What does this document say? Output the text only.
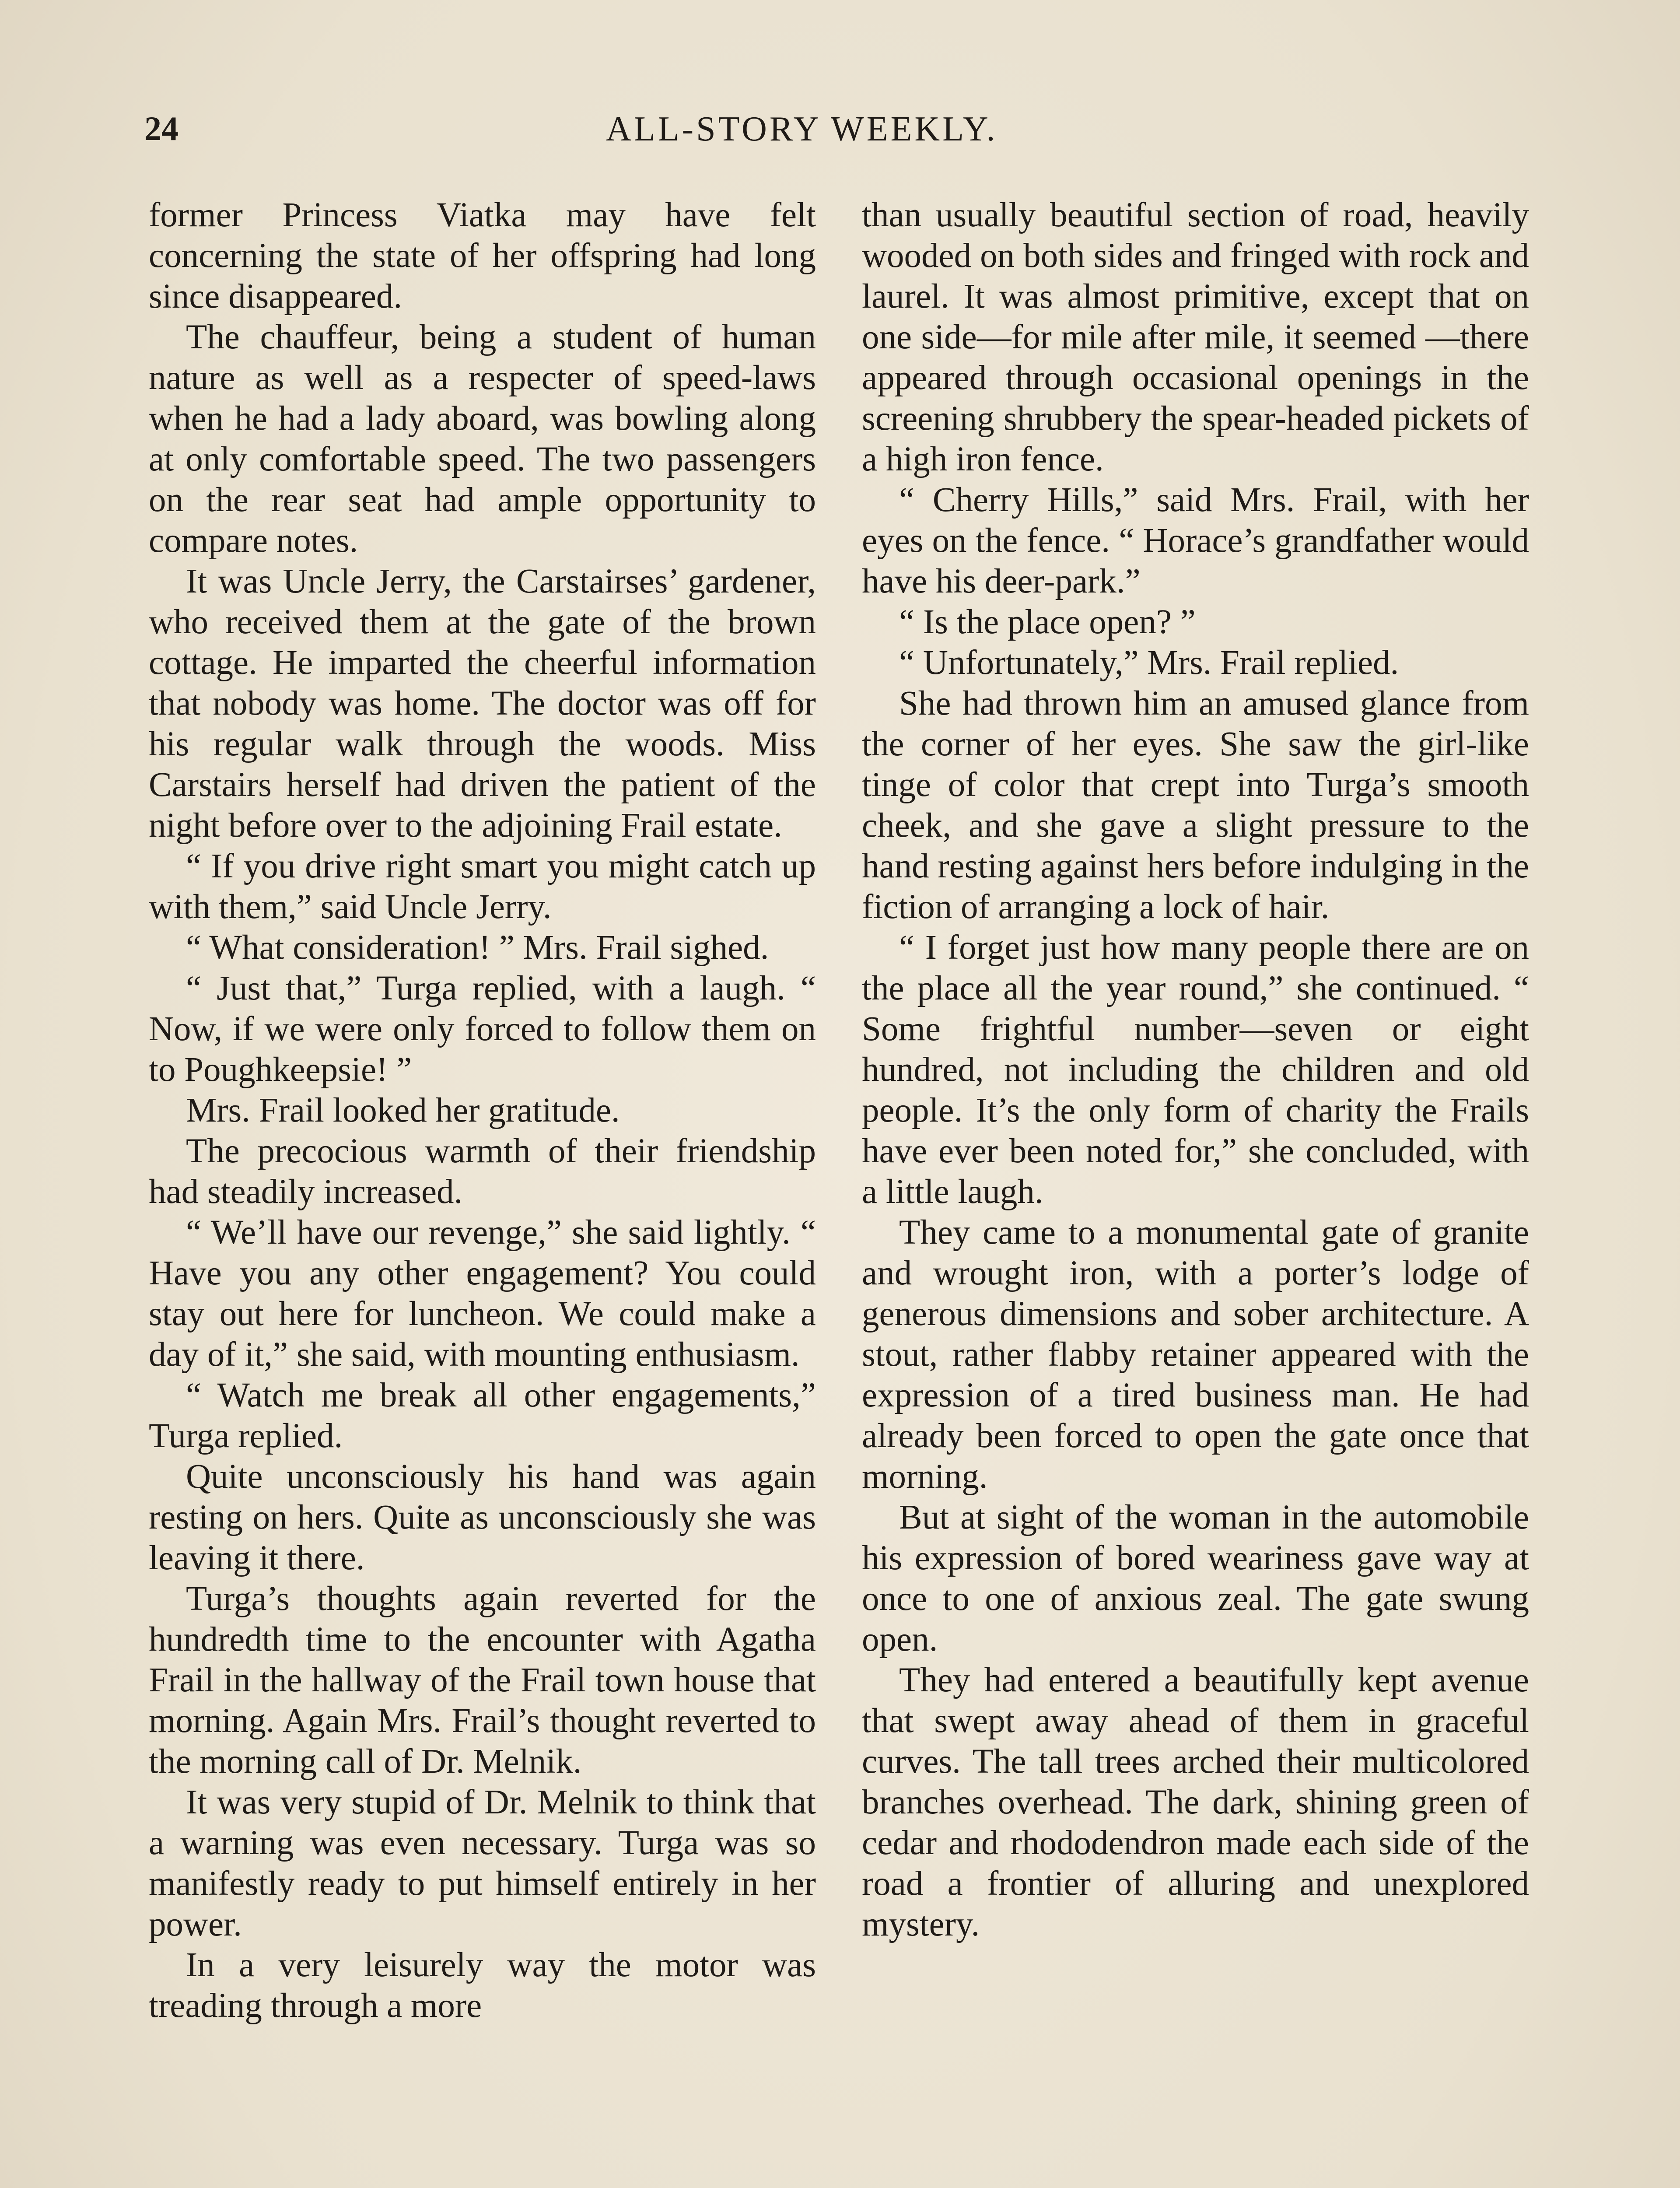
24	ALL-STORY WEEKLY.

former Princess Viatka may have felt concerning the state of her offspring had long since disappeared.

The chauffeur, being a student of human nature as well as a respecter of speed-laws when he had a lady aboard, was bowling along at only comfortable speed. The two passengers on the rear seat had ample opportunity to compare notes.

It was Uncle Jerry, the Carstairses’ gardener, who received them at the gate of the brown cottage. He imparted the cheerful information that nobody was home. The doctor was off for his regular walk through the woods. Miss Carstairs herself had driven the patient of the night before over to the adjoining Frail estate.

“ If you drive right smart you might catch up with them,” said Uncle Jerry.

“ What consideration! ” Mrs. Frail sighed.

“ Just that,” Turga replied, with a laugh. “ Now, if we were only forced to follow them on to Poughkeepsie! ”

Mrs. Frail looked her gratitude.

The precocious warmth of their friendship had steadily increased.

“ We’ll have our revenge,” she said lightly. “ Have you any other engagement? You could stay out here for luncheon. We could make a day of it,” she said, with mounting enthusiasm.

“ Watch me break all other engagements,” Turga replied.

Quite unconsciously his hand was again resting on hers. Quite as unconsciously she was leaving it there.

Turga’s thoughts again reverted for the hundredth time to the encounter with Agatha Frail in the hallway of the Frail town house that morning. Again Mrs. Frail’s thought reverted to the morning call of Dr. Melnik.

It was very stupid of Dr. Melnik to think that a warning was even necessary. Turga was so manifestly ready to put himself entirely in her power.

In a very leisurely way the motor was treading through a more

than usually beautiful section of road, heavily wooded on both sides and fringed with rock and laurel. It was almost primitive, except that on one side—for mile after mile, it seemed —there appeared through occasional openings in the screening shrubbery the spear-headed pickets of a high iron fence.

“ Cherry Hills,” said Mrs. Frail, with her eyes on the fence. “ Horace’s grandfather would have his deer-park.”

“ Is the place open? ”

“ Unfortunately,” Mrs. Frail replied.

She had thrown him an amused glance from the corner of her eyes. She saw the girl-like tinge of color that crept into Turga’s smooth cheek, and she gave a slight pressure to the hand resting against hers before indulging in the fiction of arranging a lock of hair.

“ I forget just how many people there are on the place all the year round,” she continued. “ Some frightful number—seven or eight hundred, not including the children and old people. It’s the only form of charity the Frails have ever been noted for,” she concluded, with a little laugh.

They came to a monumental gate of granite and wrought iron, with a porter’s lodge of generous dimensions and sober architecture. A stout, rather flabby retainer appeared with the expression of a tired business man. He had already been forced to open the gate once that morning.

But at sight of the woman in the automobile his expression of bored weariness gave way at once to one of anxious zeal. The gate swung open.

They had entered a beautifully kept avenue that swept away ahead of them in graceful curves. The tall trees arched their multicolored branches overhead. The dark, shining green of cedar and rhododendron made each side of the road a frontier of alluring and unexplored mystery.
